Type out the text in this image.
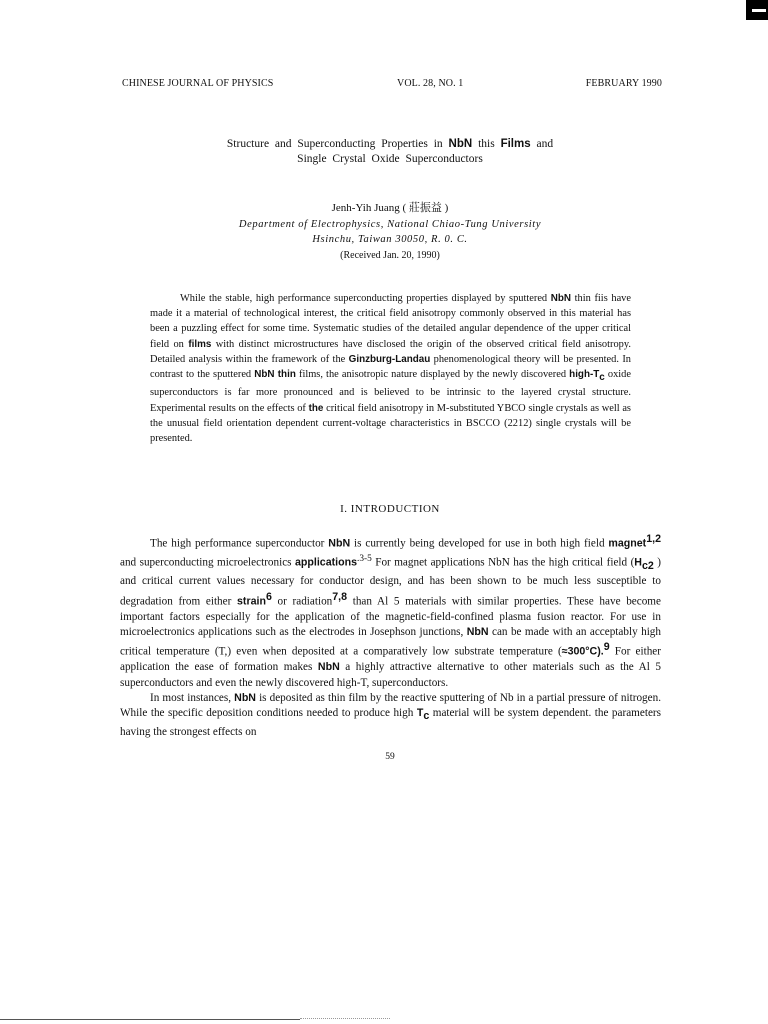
CHINESE JOURNAL OF PHYSICS	VOL. 28, NO. 1	FEBRUARY 1990
Structure and Superconducting Properties in NbN this Films and
Single Crystal Oxide Superconductors
Jenh-Yih Juang ( 莊振益 )
Department of Electrophysics, National Chiao-Tung University
Hsinchu, Taiwan 30050, R. 0. C.
(Received Jan. 20, 1990)

While the stable, high performance superconducting properties displayed by sputtered NbN thin fiis have made it a material of technological interest, the critical field anisotropy commonly observed in this material has been a puzzling effect for some time. Systematic studies of the detailed angular dependence of the upper critical field on films with distinct microstructures have disclosed the origin of the observed critical field anisotropy. Detailed analysis within the framework of the Ginzburg-Landau phenomenological theory will be presented. In contrast to the sputtered NbN thin films, the anisotropic nature displayed by the newly discovered high-$T_c$ oxide superconductors is far more pronounced and is believed to be intrinsic to the layered crystal structure. Experimental results on the effects of the critical field anisotropy in M-substituted YBCO single crystals as well as the unusual field orientation dependent current-voltage characteristics in BSCCO (2212) single crystals will be presented.

I. INTRODUCTION

The high performance superconductor NbN is currently being developed for use in both high field magnet$^{1,2}$ and superconducting microelectronics applications$^{.3-5}$ For magnet applications NbN has the high critical field ($H_{c2}$ ) and critical current values necessary for conductor design, and has been shown to be much less susceptible to degradation from either strain$^6$ or radiation$^{7,8}$ than Al 5 materials with similar properties. These have become important factors especially for the application of the magnetic-field-confined plasma fusion reactor. For use in microelectronics applications such as the electrodes in Josephson junctions, NbN can be made with an acceptably high critical temperature (T,) even when deposited at a comparatively low substrate temperature (≈300°C).$^9$ For either application the ease of formation makes NbN a highly attractive alternative to other materials such as the Al 5 superconductors and even the newly discovered high-T, superconductors.

In most instances, NbN is deposited as thin film by the reactive sputtering of Nb in a partial pressure of nitrogen. While the specific deposition conditions needed to produce high $T_c$ material will be system dependent. the parameters having the strongest effects on

59
